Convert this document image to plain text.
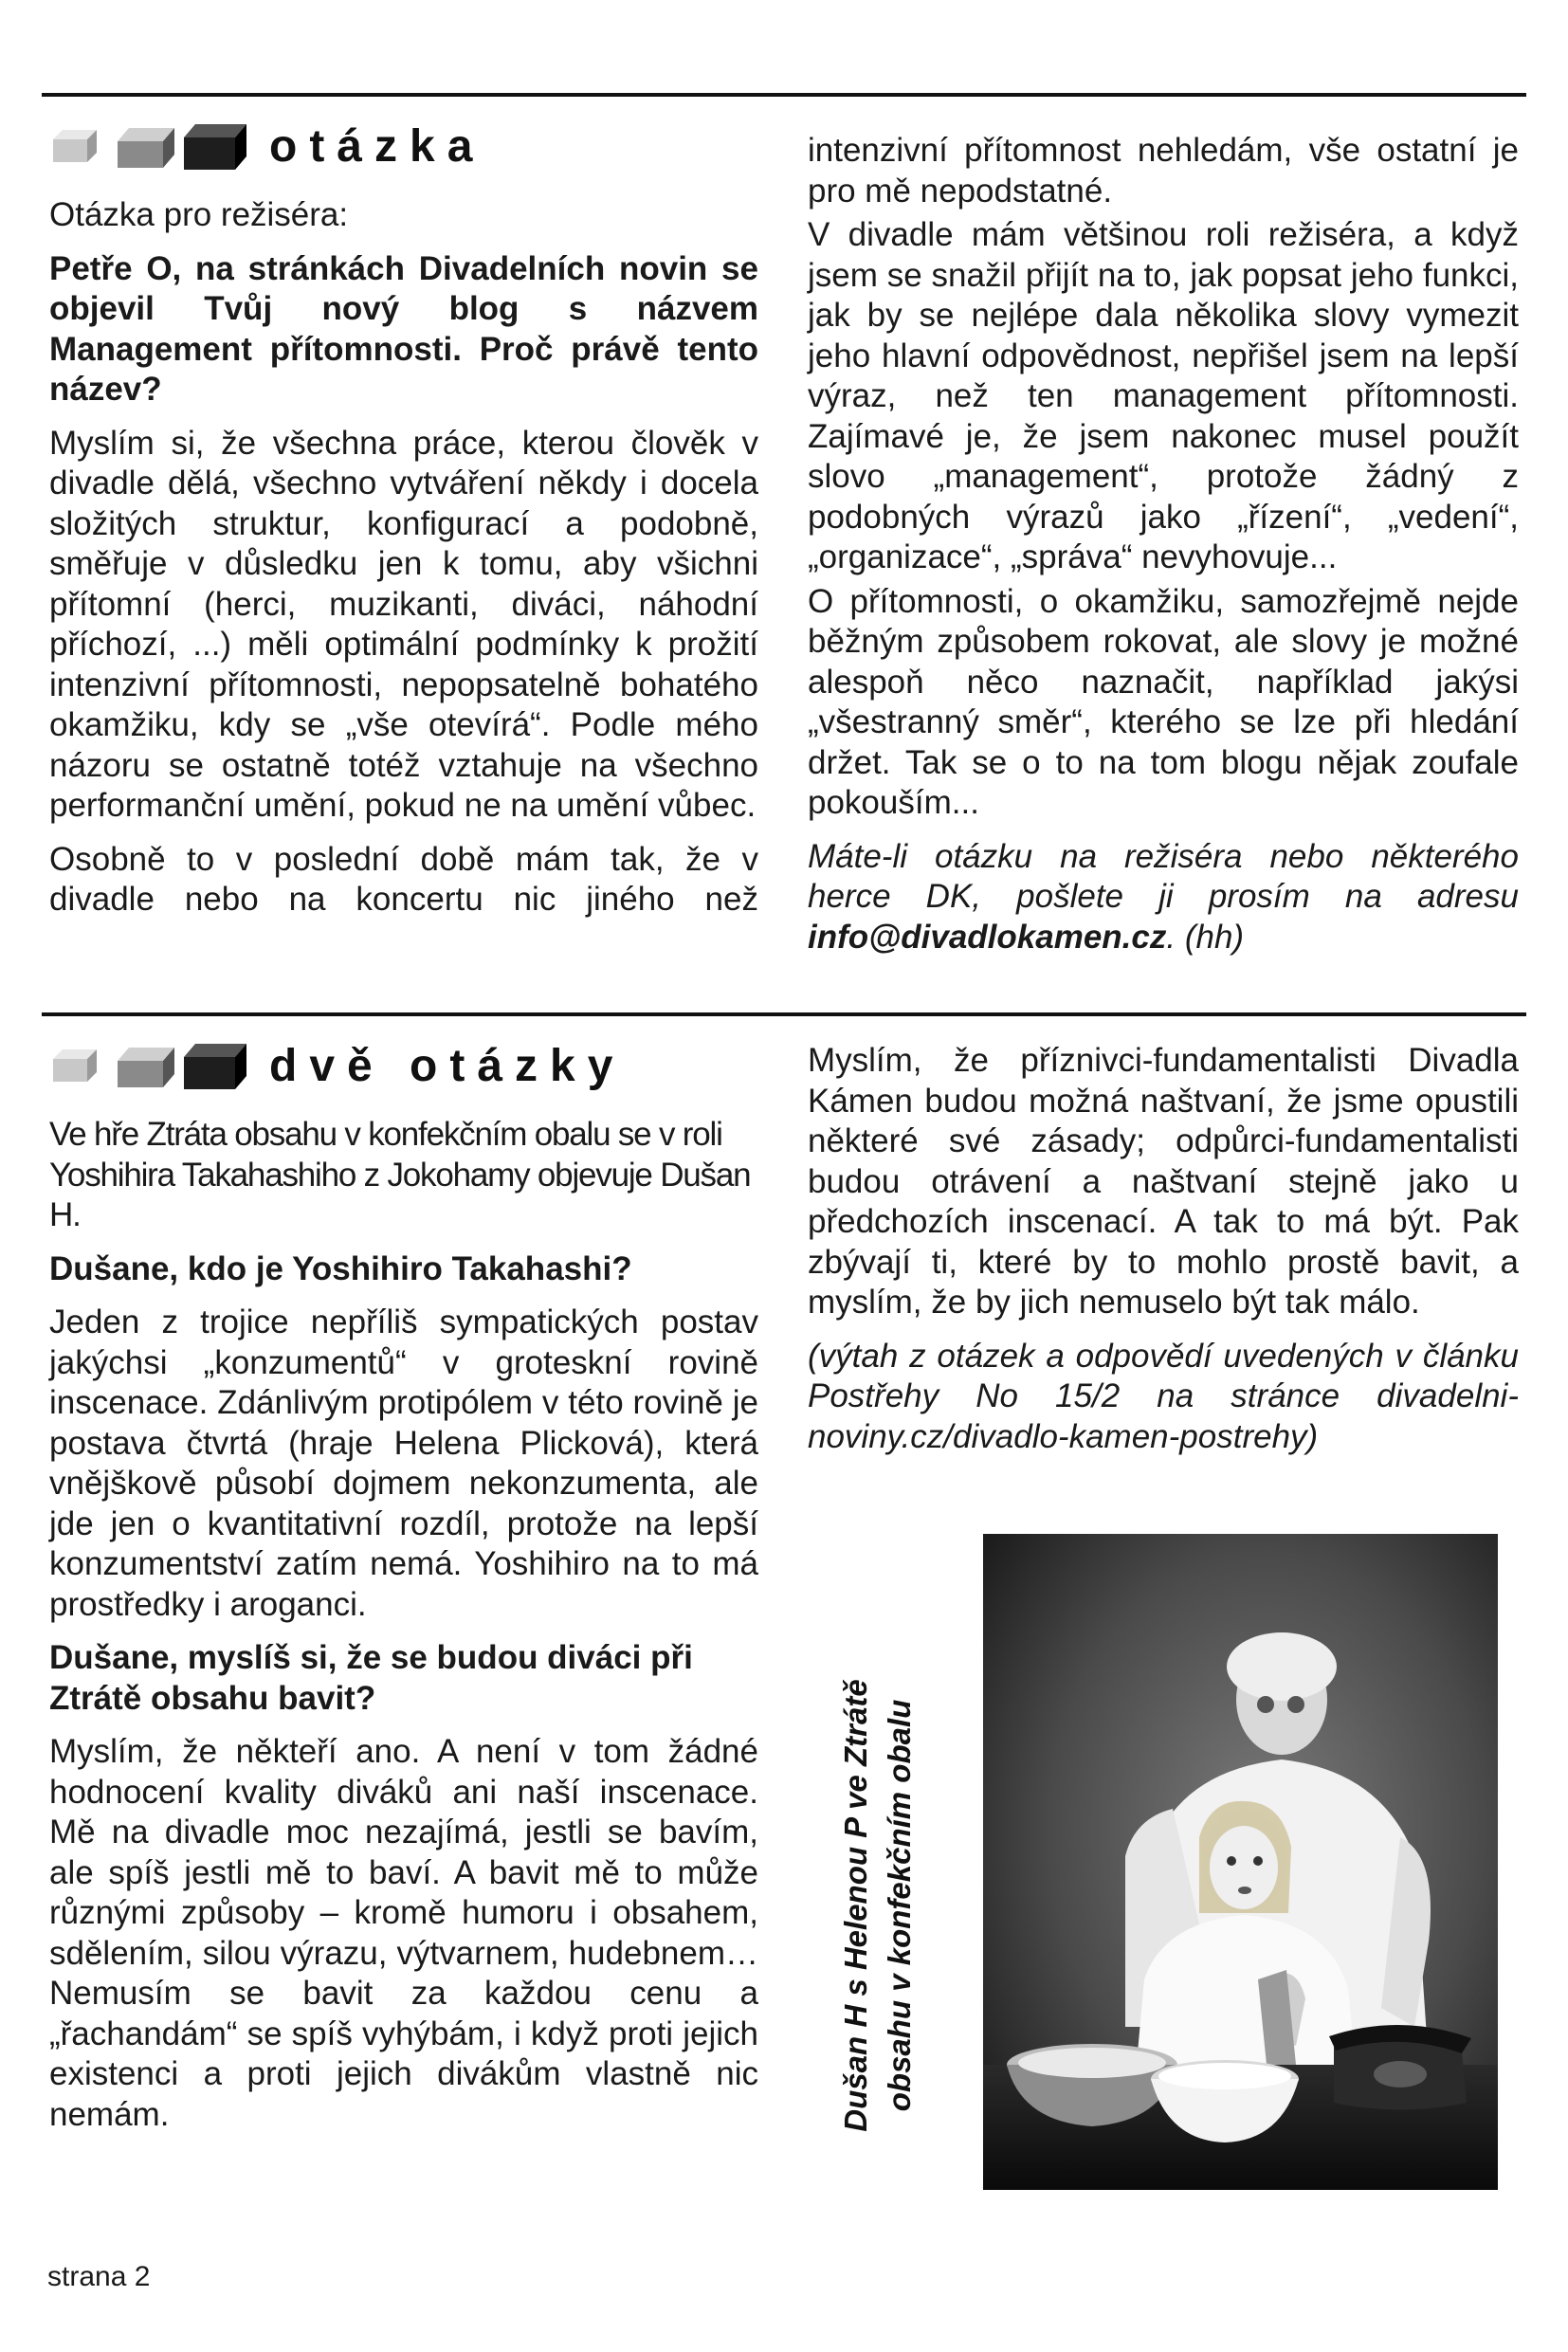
otázka

Otázka pro režiséra:

Petře O, na stránkách Divadelních novin se objevil Tvůj nový blog s názvem Management přítomnosti. Proč právě tento název?

Myslím si, že všechna práce, kterou člověk v divadle dělá, všechno vytváření někdy i docela složitých struktur, konfigurací a podobně, směřuje v důsledku jen k tomu, aby všichni přítomní (herci, muzikanti, diváci, náhodní příchozí, ...) měli optimální podmínky k prožití intenzivní přítomnosti, nepopsatelně bohatého okamžiku, kdy se „vše otevírá“. Podle mého názoru se ostatně totéž vztahuje na všechno performanční umění, pokud ne na umění vůbec.

Osobně to v poslední době mám tak, že v divadle nebo na koncertu nic jiného než

intenzivní přítomnost nehledám, vše ostatní je pro mě nepodstatné.

V divadle mám většinou roli režiséra, a když jsem se snažil přijít na to, jak popsat jeho funkci, jak by se nejlépe dala několika slovy vymezit jeho hlavní odpovědnost, nepřišel jsem na lepší výraz, než ten management přítomnosti. Zajímavé je, že jsem nakonec musel použít slovo „management“, protože žádný z podobných výrazů jako „řízení“, „vedení“, „organizace“, „správa“ nevyhovuje...

O přítomnosti, o okamžiku, samozřejmě nejde běžným způsobem rokovat, ale slovy je možné alespoň něco naznačit, například jakýsi „všestranný směr“, kterého se lze při hledání držet. Tak se o to na tom blogu nějak zoufale pokouším...

Máte-li otázku na režiséra nebo některého herce DK, pošlete ji prosím na adresu info@divadlokamen.cz. (hh)

dvě otázky

Ve hře Ztráta obsahu v konfekčním obalu se v roli Yoshihira Takahashiho z Jokohamy objevuje Dušan H.

Dušane, kdo je Yoshihiro Takahashi?

Jeden z trojice nepříliš sympatických postav jakýchsi „konzumentů“ v groteskní rovině inscenace. Zdánlivým protipólem v této rovině je postava čtvrtá (hraje Helena Plicková), která vnějškově působí dojmem nekonzumenta, ale jde jen o kvantitativní rozdíl, protože na lepší konzumentství zatím nemá. Yoshihiro na to má prostředky i aroganci.

Dušane, myslíš si, že se budou diváci při Ztrátě obsahu bavit?

Myslím, že někteří ano. A není v tom žádné hodnocení kvality diváků ani naší inscenace. Mě na divadle moc nezajímá, jestli se bavím, ale spíš jestli mě to baví. A bavit mě to může různými způsoby – kromě humoru i obsahem, sdělením, silou výrazu, výtvarnem, hudebnem… Nemusím se bavit za každou cenu a „řachandám“ se spíš vyhýbám, i když proti jejich existenci a proti jejich divákům vlastně nic nemám.

Myslím, že příznivci-fundamentalisti Divadla Kámen budou možná naštvaní, že jsme opustili některé své zásady; odpůrci-fundamentalisti budou otrávení a naštvaní stejně jako u předchozích inscenací. A tak to má být. Pak zbývají ti, které by to mohlo prostě bavit, a myslím, že by jich nemuselo být tak málo.

(výtah z otázek a odpovědí uvedených v článku Postřehy No 15/2 na stránce divadelni-noviny.cz/divadlo-kamen-postrehy)

Dušan H s Helenou P ve Ztrátě obsahu v konfekčním obalu
strana 2
